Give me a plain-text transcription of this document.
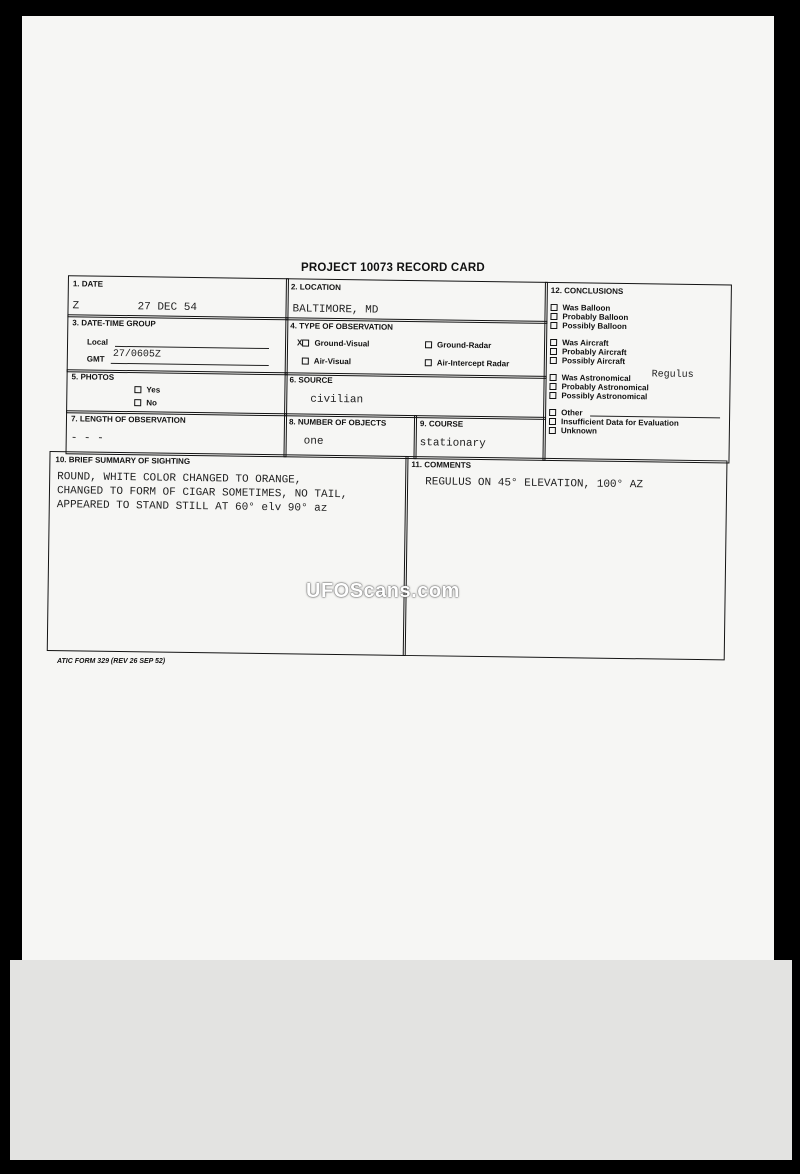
PROJECT 10073 RECORD CARD
1. DATE
Z	27 DEC 54
2. LOCATION
BALTIMORE, MD
3. DATE-TIME GROUP
Local
GMT 27/0605Z
4. TYPE OF OBSERVATION
X Ground-Visual	Ground-Radar
Air-Visual	Air-Intercept Radar
5. PHOTOS
Yes
No
6. SOURCE
civilian
7. LENGTH OF OBSERVATION
- - -
8. NUMBER OF OBJECTS
one
9. COURSE
stationary
12. CONCLUSIONS
Was Balloon
Probably Balloon
Possibly Balloon
Was Aircraft
Probably Aircraft
Possibly Aircraft
Was Astronomical Regulus
Probably Astronomical
Possibly Astronomical
Other
Insufficient Data for Evaluation
Unknown
10. BRIEF SUMMARY OF SIGHTING
ROUND, WHITE COLOR CHANGED TO ORANGE,
CHANGED TO FORM OF CIGAR SOMETIMES, NO TAIL,
APPEARED TO STAND STILL AT 60° elv 90° az
11. COMMENTS
REGULUS ON 45° ELEVATION, 100° AZ
UFOScans.com
ATIC FORM 329 (REV 26 SEP 52)
